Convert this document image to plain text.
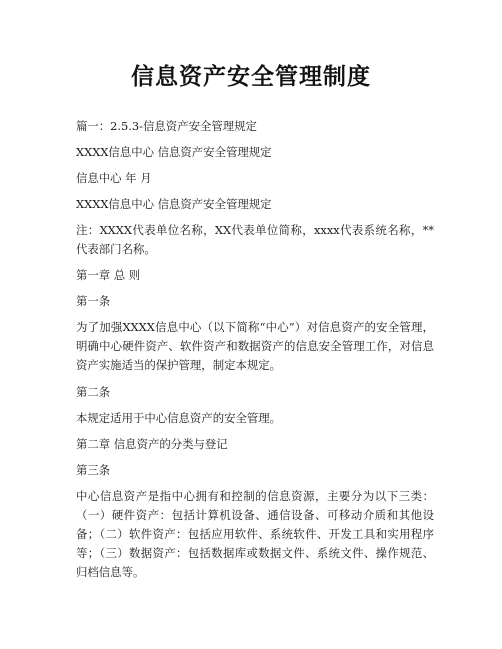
信息资产安全管理制度

篇一：2.5.3-信息资产安全管理规定

XXXX信息中心 信息资产安全管理规定

信息中心 年 月

XXXX信息中心 信息资产安全管理规定

注：XXXX代表单位名称，XX代表单位简称，xxxx代表系统名称，**代表部门名称。

第一章 总 则

第一条

为了加强XXXX信息中心（以下简称“中心”）对信息资产的安全管理，明确中心硬件资产、软件资产和数据资产的信息安全管理工作，对信息资产实施适当的保护管理，制定本规定。

第二条

本规定适用于中心信息资产的安全管理。

第二章 信息资产的分类与登记

第三条

中心信息资产是指中心拥有和控制的信息资源，主要分为以下三类：（一）硬件资产：包括计算机设备、通信设备、可移动介质和其他设备；（二）软件资产：包括应用软件、系统软件、开发工具和实用程序等；（三）数据资产：包括数据库或数据文件、系统文件、操作规范、归档信息等。
